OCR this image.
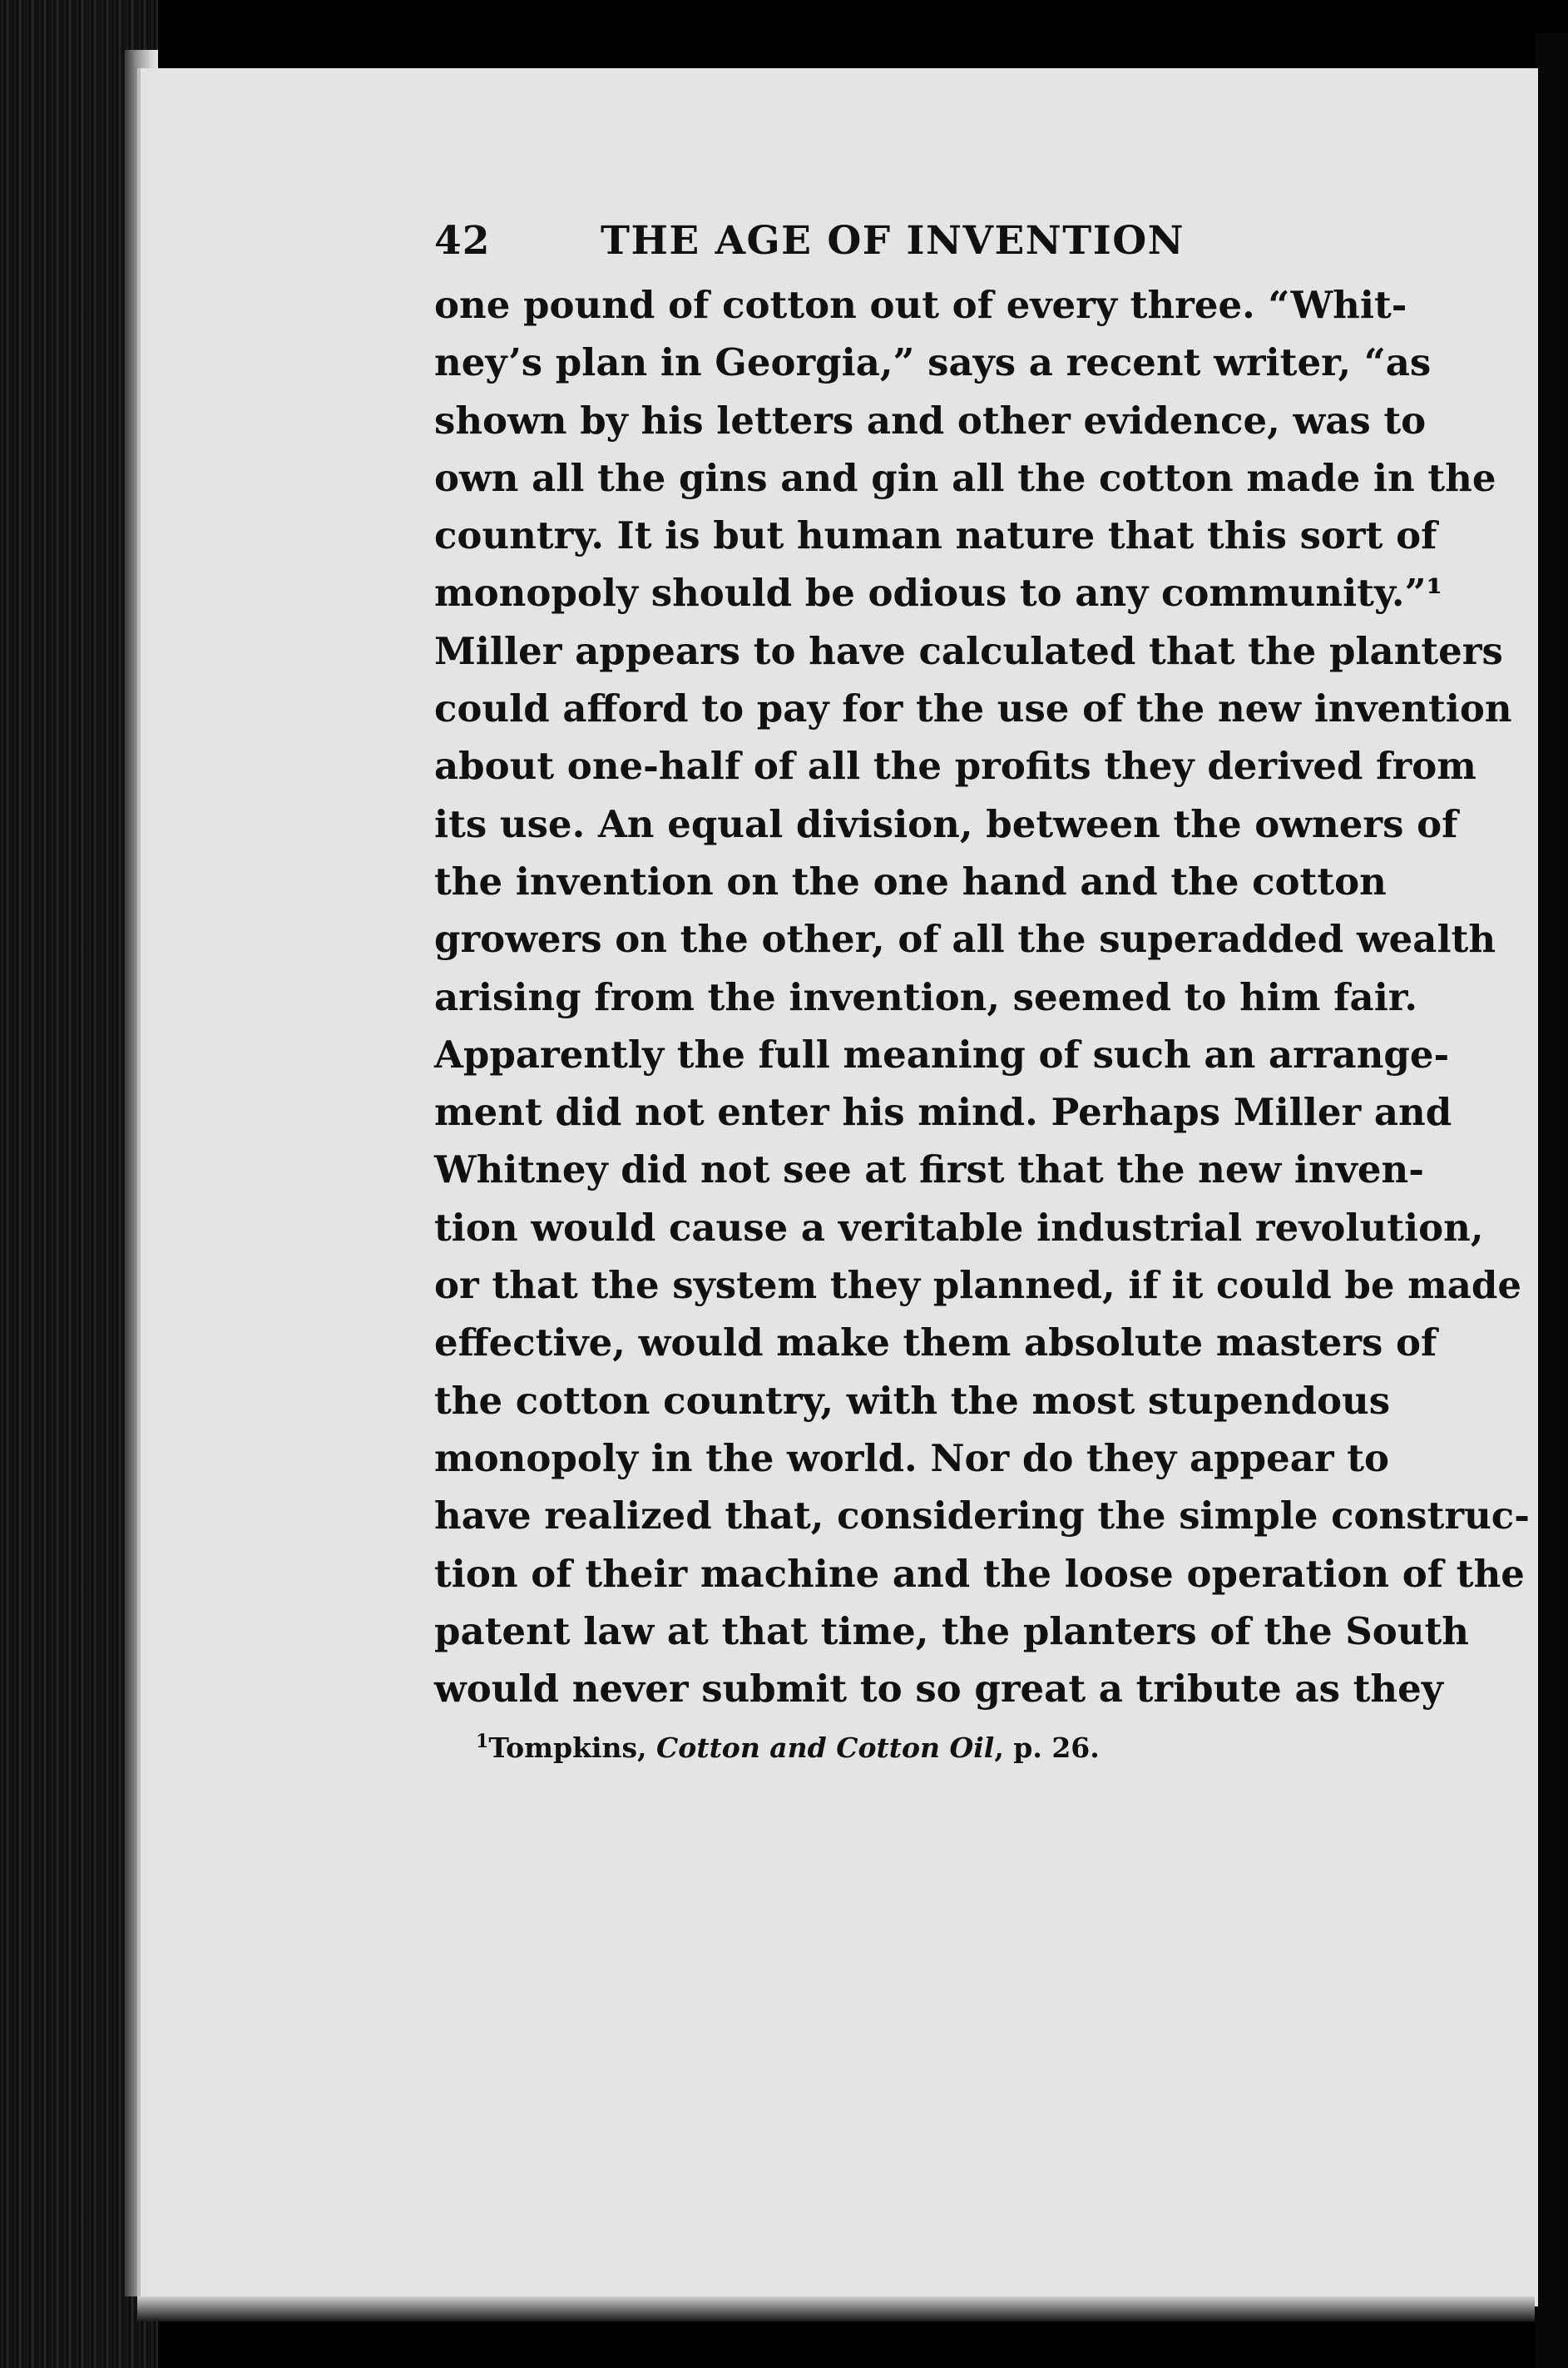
42	THE AGE OF INVENTION
one pound of cotton out of every three. “Whit-
ney’s plan in Georgia,” says a recent writer, “as
shown by his letters and other evidence, was to
own all the gins and gin all the cotton made in the
country. It is but human nature that this sort of
monopoly should be odious to any community.”¹
Miller appears to have calculated that the planters
could afford to pay for the use of the new invention
about one-half of all the profits they derived from
its use. An equal division, between the owners of
the invention on the one hand and the cotton
growers on the other, of all the superadded wealth
arising from the invention, seemed to him fair.
Apparently the full meaning of such an arrange-
ment did not enter his mind. Perhaps Miller and
Whitney did not see at first that the new inven-
tion would cause a veritable industrial revolution,
or that the system they planned, if it could be made
effective, would make them absolute masters of
the cotton country, with the most stupendous
monopoly in the world. Nor do they appear to
have realized that, considering the simple construc-
tion of their machine and the loose operation of the
patent law at that time, the planters of the South
would never submit to so great a tribute as they
$^1$Tompkins, Cotton and Cotton Oil, p. 26.
